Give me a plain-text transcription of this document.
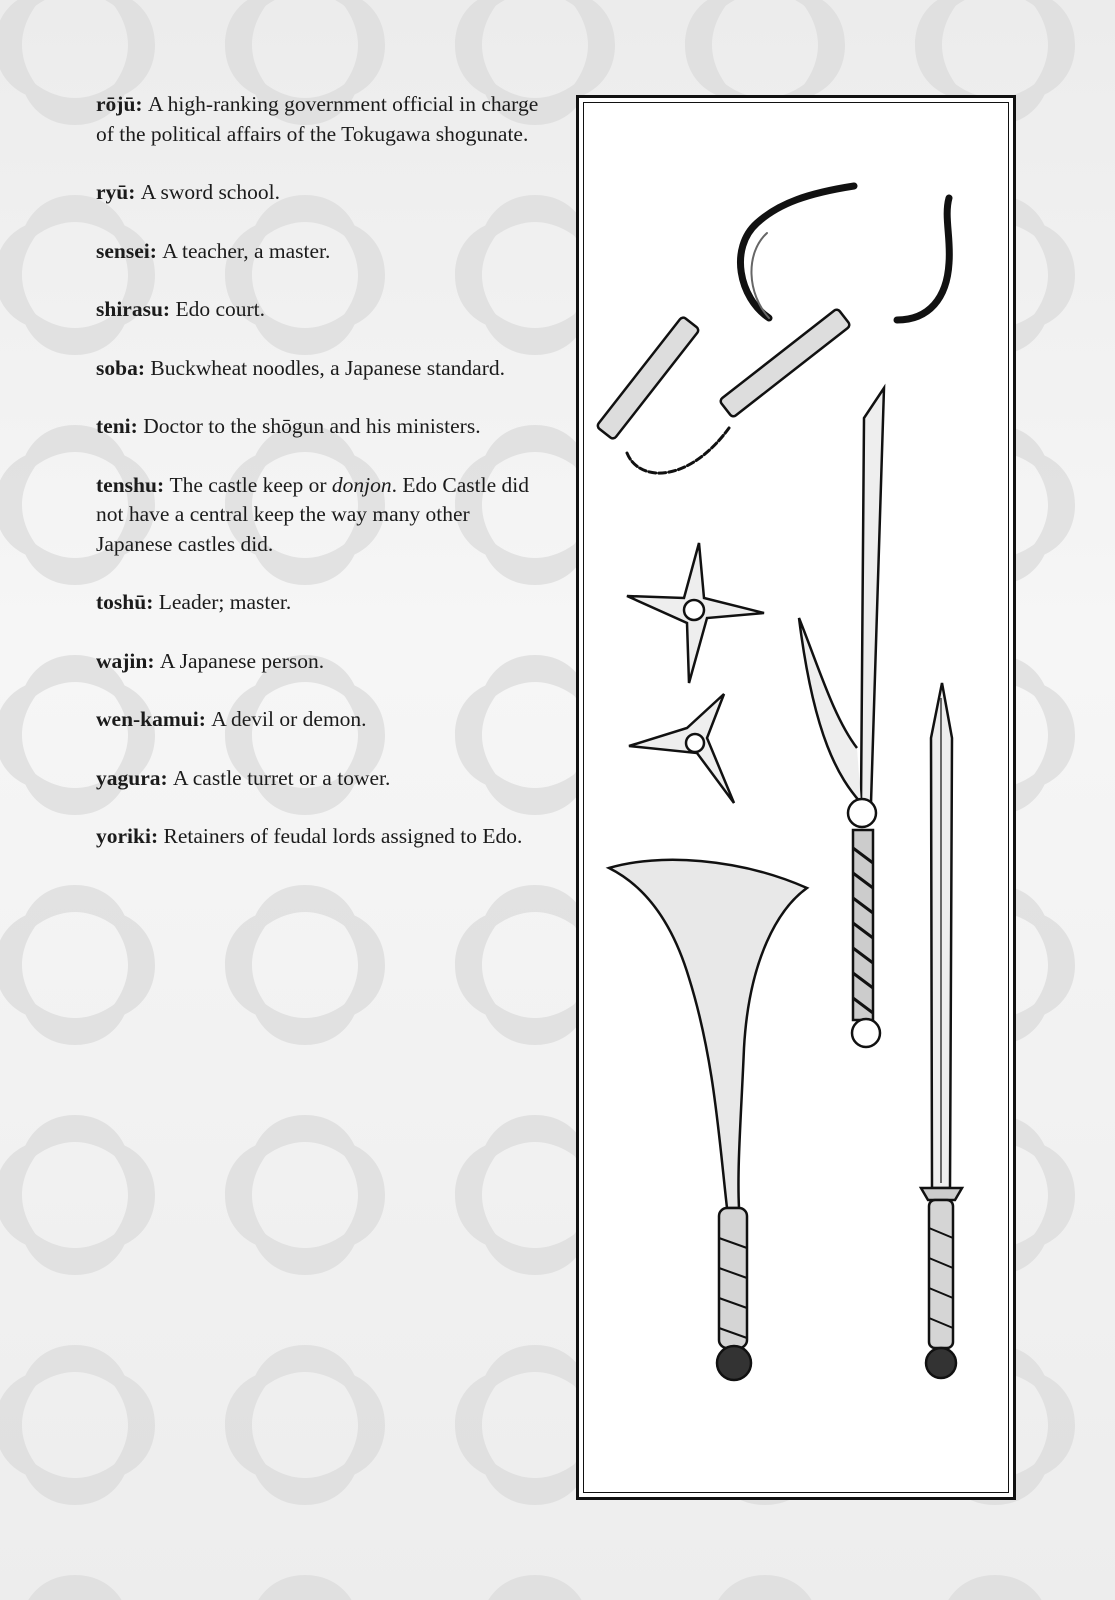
rōjū: A high-ranking government official in charge of the political affairs of the Tokugawa shogunate.

ryū: A sword school.

sensei: A teacher, a master.

shirasu: Edo court.

soba: Buckwheat noodles, a Japanese standard.

teni: Doctor to the shōgun and his ministers.

tenshu: The castle keep or donjon. Edo Castle did not have a central keep the way many other Japanese castles did.

toshū: Leader; master.

wajin: A Japanese person.

wen-kamui: A devil or demon.

yagura: A castle turret or a tower.

yoriki: Retainers of feudal lords assigned to Edo.
